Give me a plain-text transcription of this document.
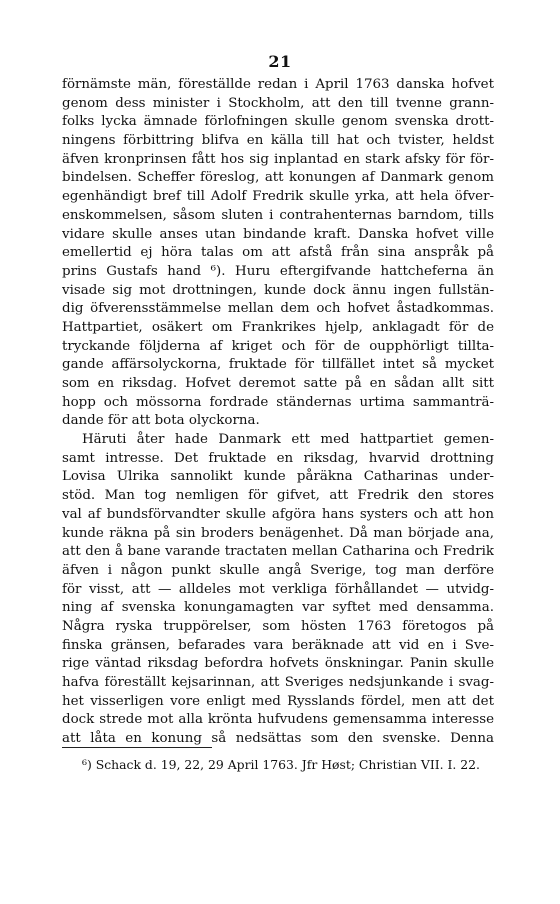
21
förnämste män, föreställde redan i April 1763 danska hofvet
genom dess minister i Stockholm, att den till tvenne grann-
folks lycka ämnade förlofningen skulle genom svenska drott-
ningens förbittring blifva en källa till hat och tvister, heldst
äfven kronprinsen fått hos sig inplantad en stark afsky för för-
bindelsen. Scheffer föreslog, att konungen af Danmark genom
egenhändigt bref till Adolf Fredrik skulle yrka, att hela öfver-
enskommelsen, såsom sluten i contrahenternas barndom, tills
vidare skulle anses utan bindande kraft. Danska hofvet ville
emellertid ej höra talas om att afstå från sina anspråk på
prins Gustafs hand ⁶). Huru eftergifvande hattcheferna än
visade sig mot drottningen, kunde dock ännu ingen fullstän-
dig öfverensstämmelse mellan dem och hofvet åstadkommas.
Hattpartiet, osäkert om Frankrikes hjelp, anklagadt för de
tryckande följderna af kriget och för de oupphörligt tillta-
gande affärsolyckorna, fruktade för tillfället intet så mycket
som en riksdag. Hofvet deremot satte på en sådan allt sitt
hopp och mössorna fordrade ständernas urtima sammanträ-
dande för att bota olyckorna.
Häruti åter hade Danmark ett med hattpartiet gemen-
samt intresse. Det fruktade en riksdag, hvarvid drottning
Lovisa Ulrika sannolikt kunde påräkna Catharinas under-
stöd. Man tog nemligen för gifvet, att Fredrik den stores
val af bundsförvandter skulle afgöra hans systers och att hon
kunde räkna på sin broders benägenhet. Då man började ana,
att den å bane varande tractaten mellan Catharina och Fredrik
äfven i någon punkt skulle angå Sverige, tog man derföre
för visst, att — alldeles mot verkliga förhållandet — utvidg-
ning af svenska konungamagten var syftet med densamma.
Några ryska truppörelser, som hösten 1763 företogos på
finska gränsen, befarades vara beräknade att vid en i Sve-
rige väntad riksdag befordra hofvets önskningar. Panin skulle
hafva föreställt kejsarinnan, att Sveriges nedsjunkande i svag-
het visserligen vore enligt med Rysslands fördel, men att det
dock strede mot alla krönta hufvudens gemensamma interesse
att låta en konung så nedsättas som den svenske. Denna
⁶) Schack d. 19, 22, 29 April 1763. Jfr Høst; Christian VII. I. 22.
